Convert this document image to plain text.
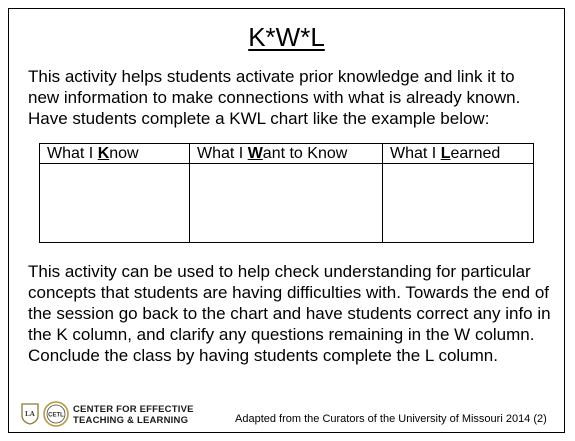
K*W*L

This activity helps students activate prior knowledge and link it to new information to make connections with what is already known. Have students complete a KWL chart like the example below:

What I Know	What I Want to Know	What I Learned

This activity can be used to help check understanding for particular concepts that students are having difficulties with. Towards the end of the session go back to the chart and have students correct any info in the K column, and clarify any questions remaining in the W column. Conclude the class by having students complete the L column.

LA CETL
CENTER FOR EFFECTIVE
TEACHING & LEARNING	Adapted from the Curators of the University of Missouri 2014 (2)
